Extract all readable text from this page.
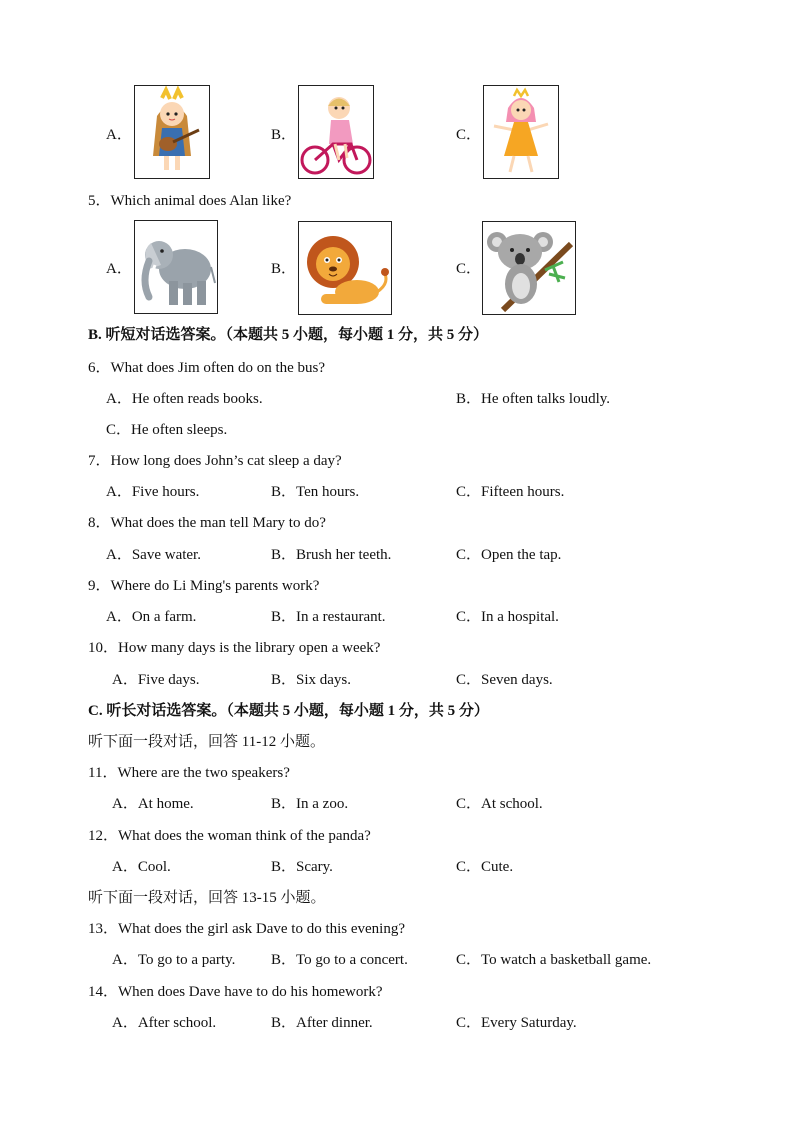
A．	B．	C．
5．Which animal does Alan like?
A．	B．	C．
B. 听短对话选答案。（本题共 5 小题，每小题 1 分，共 5 分）
6．What does Jim often do on the bus?
A．He often reads books.	B．He often talks loudly.
C．He often sleeps.
7．How long does John’s cat sleep a day?
A．Five hours.	B．Ten hours.	C．Fifteen hours.
8．What does the man tell Mary to do?
A．Save water.	B．Brush her teeth.	C．Open the tap.
9．Where do Li Ming's parents work?
A．On a farm.	B．In a restaurant.	C．In a hospital.
10．How many days is the library open a week?
A．Five days.	B．Six days.	C．Seven days.
C. 听长对话选答案。（本题共 5 小题，每小题 1 分，共 5 分）
听下面一段对话，回答 11-12 小题。
11．Where are the two speakers?
A．At home.	B．In a zoo.	C．At school.
12．What does the woman think of the panda?
A．Cool.	B．Scary.	C．Cute.
听下面一段对话，回答 13-15 小题。
13．What does the girl ask Dave to do this evening?
A．To go to a party. B．To go to a concert.	C．To watch a basketball game.
14．When does Dave have to do his homework?
A．After school.	B．After dinner.	C．Every Saturday.
